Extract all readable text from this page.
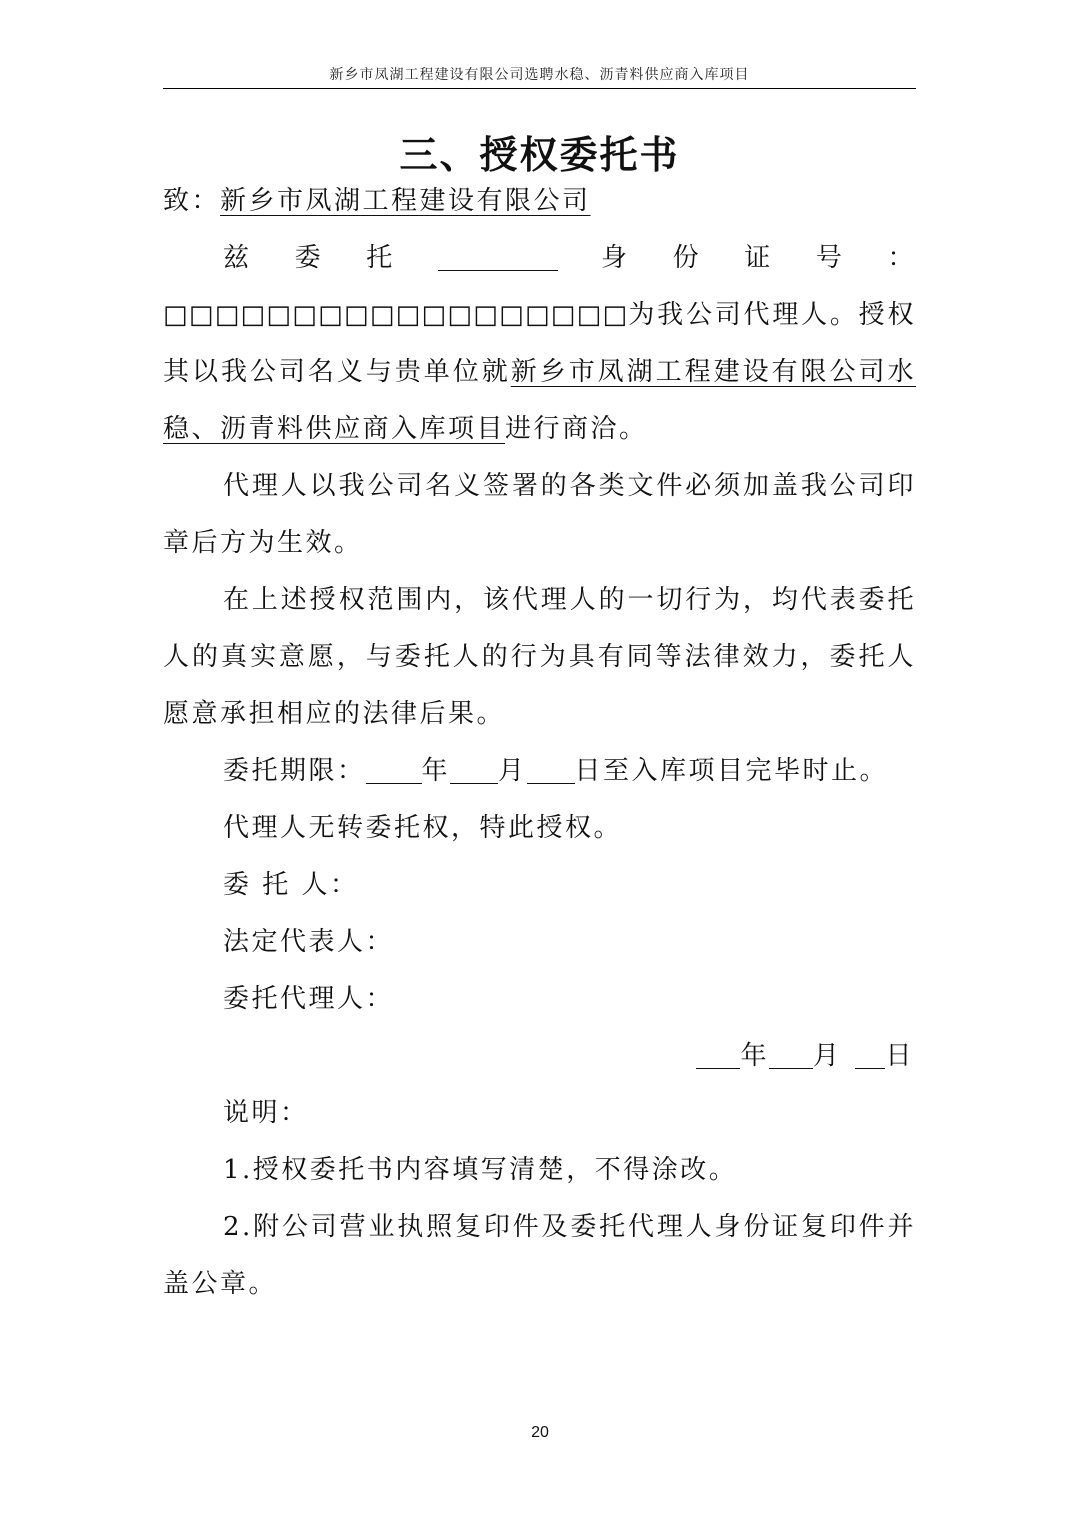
新乡市凤湖工程建设有限公司选聘水稳、沥青料供应商入库项目
三、授权委托书

致：新乡市凤湖工程建设有限公司

兹委托	身份证号：□□□□□□□□□□□□□□□□□□为我公司代理人。授权其以我公司名义与贵单位就新乡市凤湖工程建设有限公司水稳、沥青料供应商入库项目进行商洽。

代理人以我公司名义签署的各类文件必须加盖我公司印章后方为生效。

在上述授权范围内，该代理人的一切行为，均代表委托人的真实意愿，与委托人的行为具有同等法律效力，委托人愿意承担相应的法律后果。

委托期限： 年 月 日至入库项目完毕时止。

代理人无转委托权，特此授权。

委 托 人：

法定代表人：

委托代理人：

年 月 日

说明：

1.授权委托书内容填写清楚，不得涂改。

2.附公司营业执照复印件及委托代理人身份证复印件并盖公章。

20
